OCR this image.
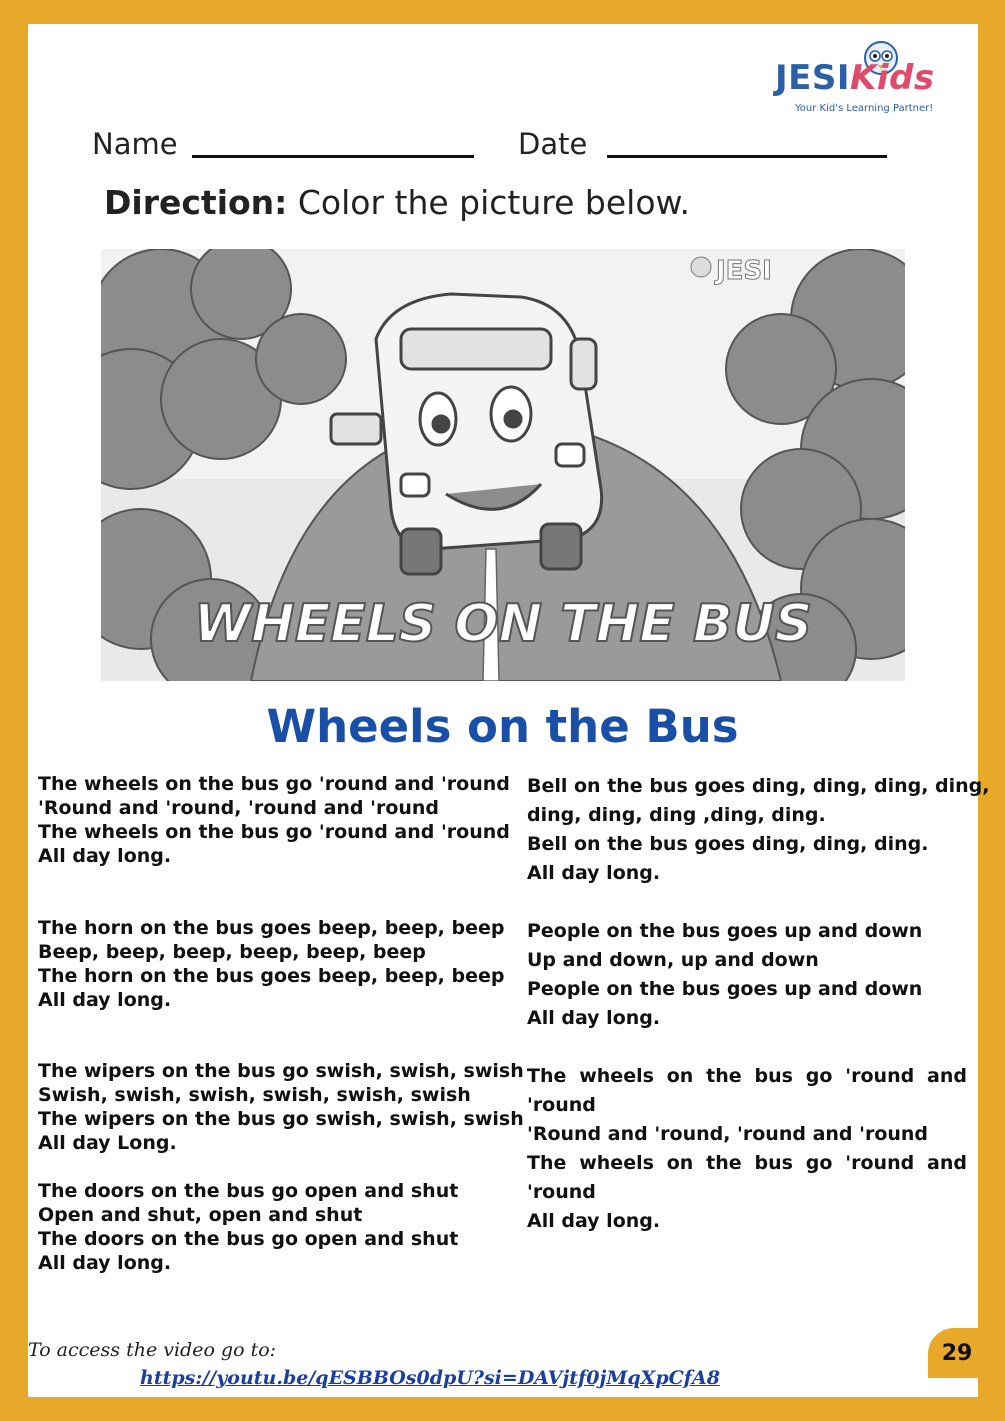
JESIKids
Your Kid's Learning Partner!
Name	Date
Direction: Color the picture below.
JESI
WHEELS ON THE BUS
Wheels on the Bus

The wheels on the bus go 'round and 'round

'Round and 'round, 'round and 'round

The wheels on the bus go 'round and 'round

All day long.

The horn on the bus goes beep, beep, beep

Beep, beep, beep, beep, beep, beep

The horn on the bus goes beep, beep, beep

All day long.

The wipers on the bus go swish, swish, swish

Swish, swish, swish, swish, swish, swish

The wipers on the bus go swish, swish, swish

All day Long.

The doors on the bus go open and shut

Open and shut, open and shut

The doors on the bus go open and shut

All day long.

Bell on the bus goes ding, ding, ding, ding,

ding, ding, ding ,ding, ding.

Bell on the bus goes ding, ding, ding.

All day long.

People on the bus goes up and down

Up and down, up and down

People on the bus goes up and down

All day long.

The wheels on the bus go 'round and 'round

'Round and 'round, 'round and 'round

The wheels on the bus go 'round and 'round

All day long.

To access the video go to:
https://youtu.be/qESBBOs0dpU?si=DAVjtf0jMqXpCfA8
29
